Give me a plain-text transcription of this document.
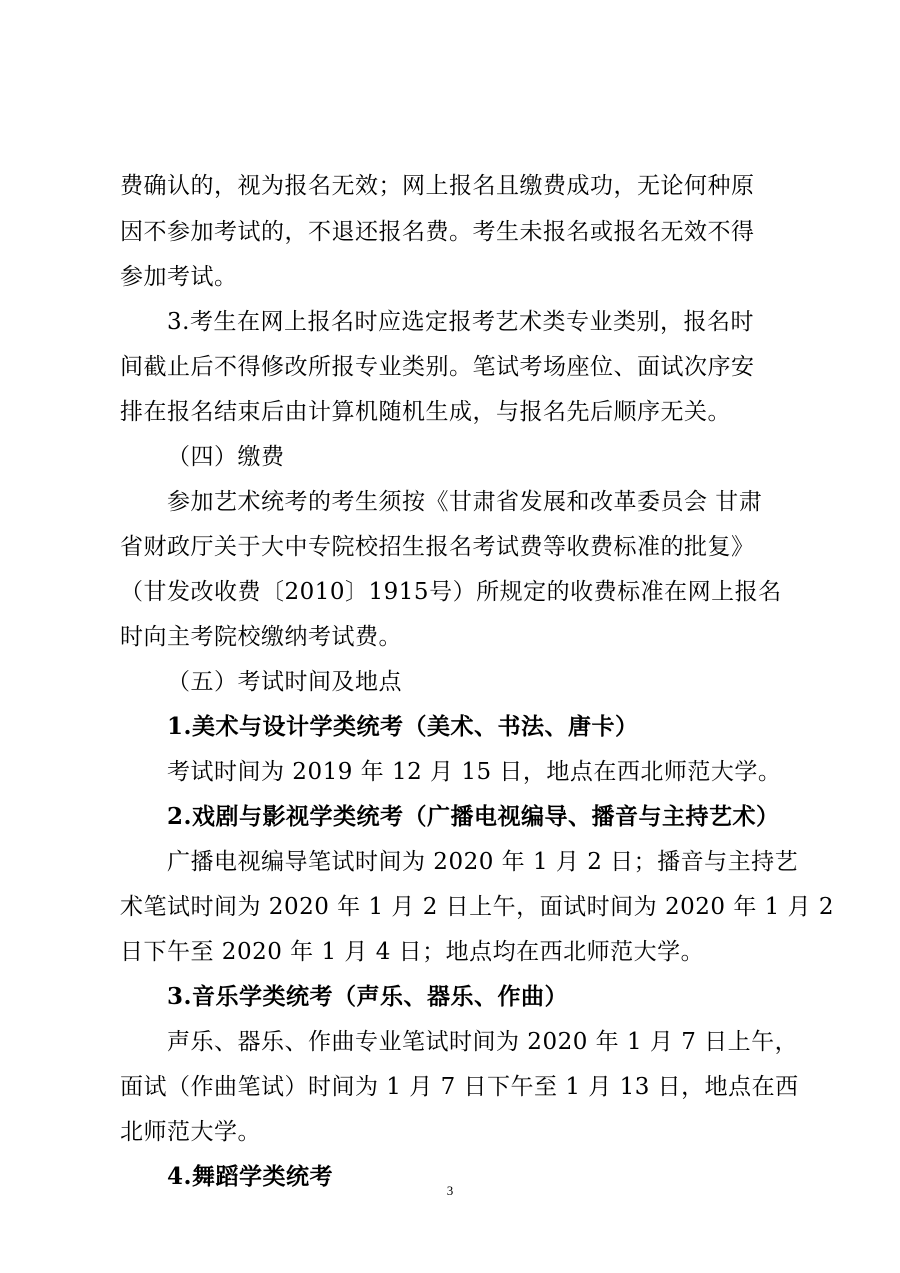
费确认的，视为报名无效；网上报名且缴费成功，无论何种原
因不参加考试的，不退还报名费。考生未报名或报名无效不得
参加考试。
3.考生在网上报名时应选定报考艺术类专业类别，报名时
间截止后不得修改所报专业类别。笔试考场座位、面试次序安
排在报名结束后由计算机随机生成，与报名先后顺序无关。
（四）缴费
参加艺术统考的考生须按《甘肃省发展和改革委员会 甘肃
省财政厅关于大中专院校招生报名考试费等收费标准的批复》
（甘发改收费〔2010〕1915号）所规定的收费标准在网上报名
时向主考院校缴纳考试费。
（五）考试时间及地点
1.美术与设计学类统考（美术、书法、唐卡）
考试时间为 2019 年 12 月 15 日，地点在西北师范大学。
2.戏剧与影视学类统考（广播电视编导、播音与主持艺术）
广播电视编导笔试时间为 2020 年 1 月 2 日；播音与主持艺
术笔试时间为 2020 年 1 月 2 日上午，面试时间为 2020 年 1 月 2
日下午至 2020 年 1 月 4 日；地点均在西北师范大学。
3.音乐学类统考（声乐、器乐、作曲）
声乐、器乐、作曲专业笔试时间为 2020 年 1 月 7 日上午，
面试（作曲笔试）时间为 1 月 7 日下午至 1 月 13 日，地点在西
北师范大学。
4.舞蹈学类统考
3
